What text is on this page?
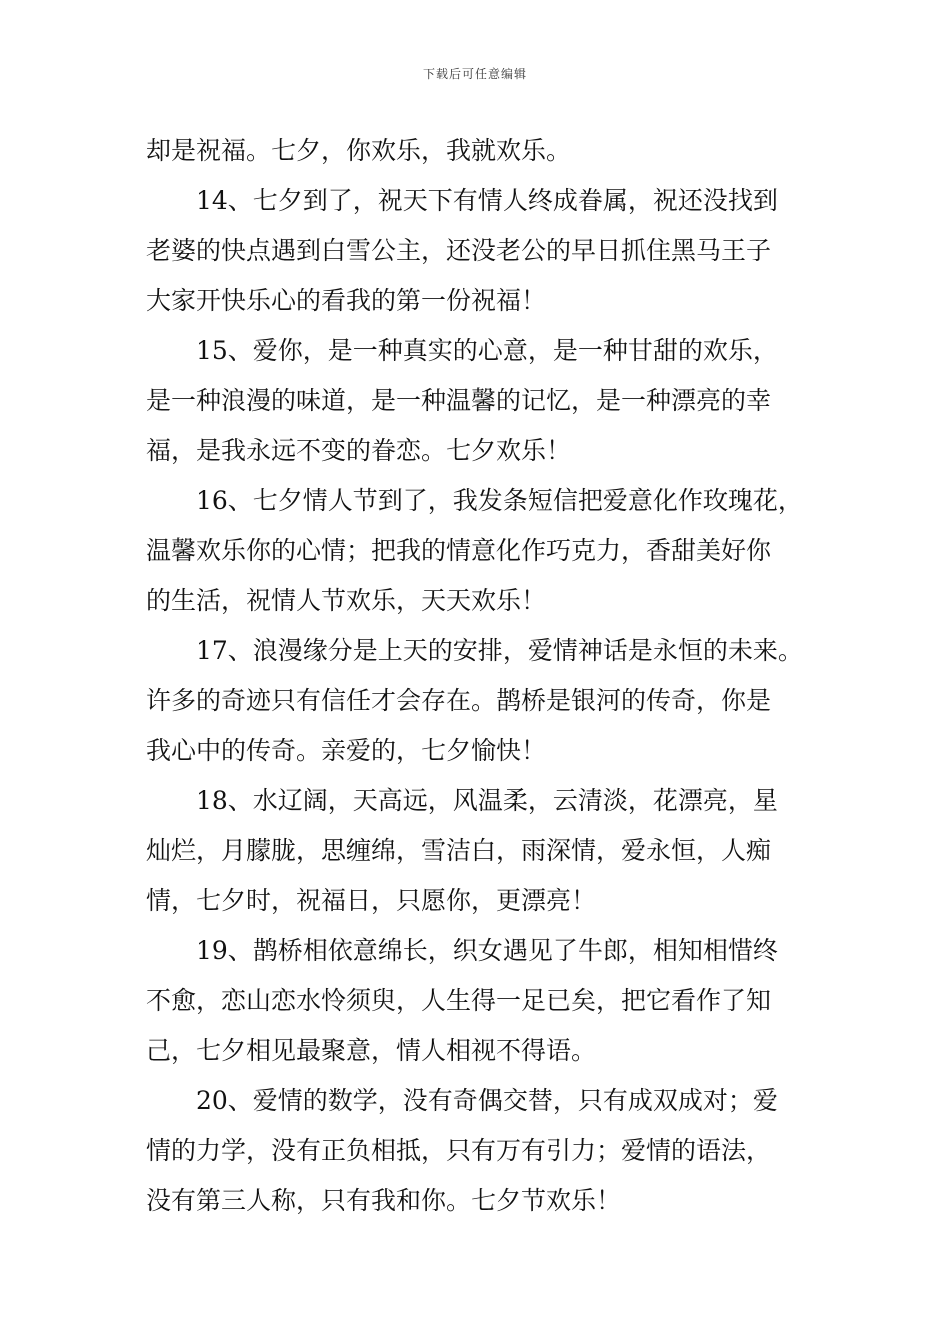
下载后可任意编辑
却是祝福。七夕，你欢乐，我就欢乐。
14、七夕到了，祝天下有情人终成眷属，祝还没找到
老婆的快点遇到白雪公主，还没老公的早日抓住黑马王子
大家开快乐心的看我的第一份祝福！
15、爱你，是一种真实的心意，是一种甘甜的欢乐，
是一种浪漫的味道，是一种温馨的记忆，是一种漂亮的幸
福，是我永远不变的眷恋。七夕欢乐！
16、七夕情人节到了，我发条短信把爱意化作玫瑰花，
温馨欢乐你的心情；把我的情意化作巧克力，香甜美好你
的生活，祝情人节欢乐，天天欢乐！
17、浪漫缘分是上天的安排，爱情神话是永恒的未来。
许多的奇迹只有信任才会存在。鹊桥是银河的传奇，你是
我心中的传奇。亲爱的，七夕愉快！
18、水辽阔，天高远，风温柔，云清淡，花漂亮，星
灿烂，月朦胧，思缠绵，雪洁白，雨深情，爱永恒，人痴
情，七夕时，祝福日，只愿你，更漂亮！
19、鹊桥相依意绵长，织女遇见了牛郎，相知相惜终
不愈，恋山恋水怜须臾，人生得一足已矣，把它看作了知
己，七夕相见最聚意，情人相视不得语。
20、爱情的数学，没有奇偶交替，只有成双成对；爱
情的力学，没有正负相抵，只有万有引力；爱情的语法，
没有第三人称，只有我和你。七夕节欢乐！
